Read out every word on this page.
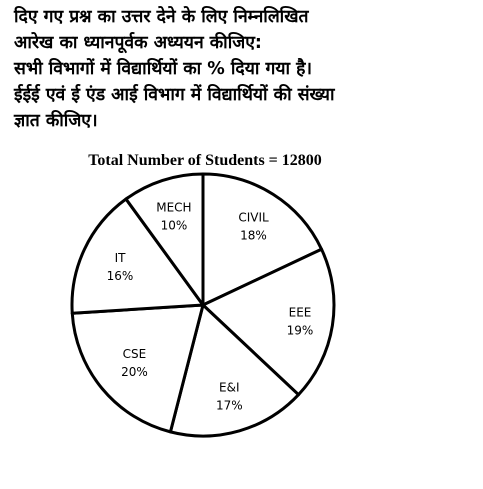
दिए गए प्रश्न का उत्तर देने के लिए निम्नलिखित
आरेख का ध्यानपूर्वक अध्ययन कीजिए:
सभी विभागों में विद्यार्थियों का % दिया गया है।
ईईई एवं ई एंड आई विभाग में विद्यार्थियों की संख्या
ज्ञात कीजिए।
Total Number of Students = 12800
CIVIL
18%
EEE
19%
E&I
17%
CSE
20%
IT
16%
MECH
10%
